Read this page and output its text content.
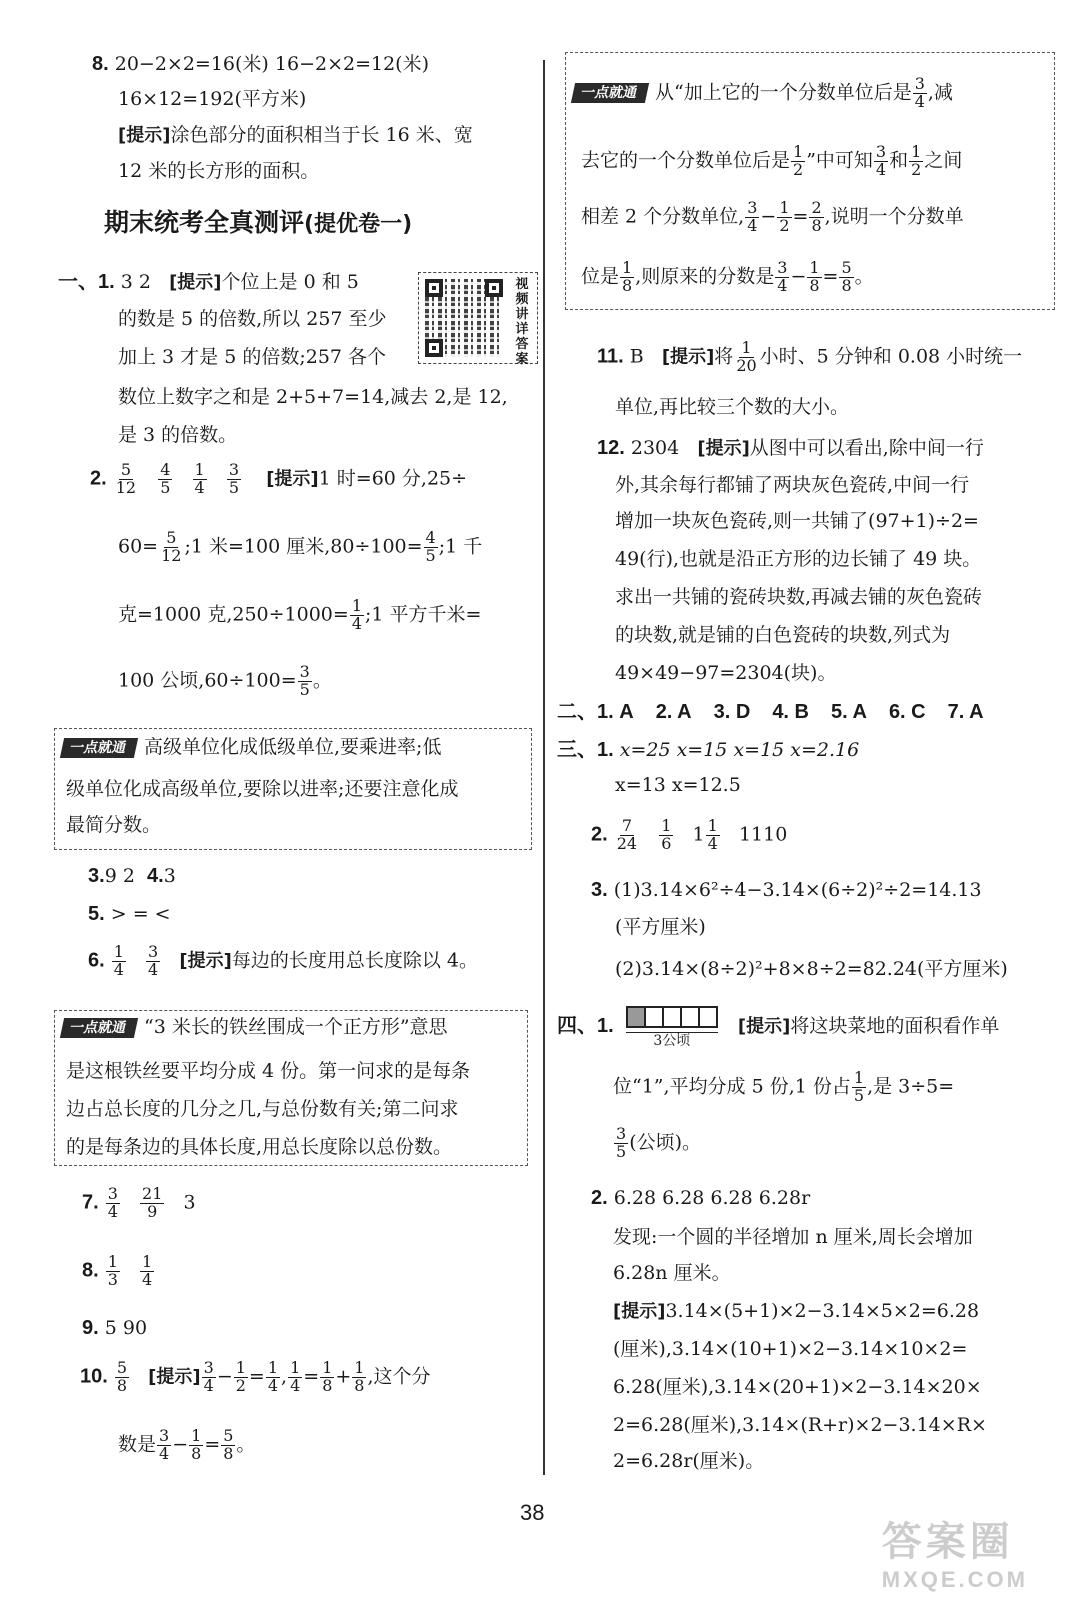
8. 20−2×2=16(米) 16−2×2=12(米)
16×12=192(平方米)
[提示]涂色部分的面积相当于长 16 米、宽
12 米的长方形的面积。
期末统考全真测评(提优卷一)
视频讲详答案
一、1. 3 2 [提示]个位上是 0 和 5
的数是 5 的倍数,所以 257 至少
加上 3 才是 5 的倍数;257 各个
数位上数字之和是 2+5+7=14,减去 2,是 12,
是 3 的倍数。
2. $\frac{5}{12}$
$\frac{4}{5}$
$\frac{1}{4}$
$\frac{3}{5}$ [提示]1 时=60 分,25÷
$60= \frac{5}{12}$ ;1 米=100 厘米$,80\div 100= \frac{4}{5}$ ;1 千
克=1000 克$,250\div 1000= \frac{1}{4}$ ;1 平方千米=
100 公顷$,60\div 100= \frac{3}{5}$ 。
一点就通 高级单位化成低级单位,要乘进率;低
级单位化成高级单位,要除以进率;还要注意化成
最简分数。
3.9 2 4.3
5. > = <
6. $\frac{1}{4}$
$\frac{3}{4}$ [提示]每边的长度用总长度除以 4。
一点就通 “3 米长的铁丝围成一个正方形”意思
是这根铁丝要平均分成 4 份。第一问求的是每条
边占总长度的几分之几,与总份数有关;第二问求
的是每条边的具体长度,用总长度除以总份数。
7. $\frac{3}{4}$
$\frac{21}{9} 3$
8. $\frac{1}{3}$
$\frac{1}{4}$
9. 5 90
10. $\frac{5}{8}$ [提示] $\frac{3}{4} - \frac{1}{2} = \frac{1}{4}$ , $\frac{1}{4} = \frac{1}{8} + \frac{1}{8}$ ,这个分
数是 $\frac{3}{4} - \frac{1}{8} = \frac{5}{8}$ 。
一点就通 从“加上它的一个分数单位后是 $\frac{3}{4}$ ,减
去它的一个分数单位后是 $\frac{1}{2}$ ”中可知 $\frac{3}{4}$ 和 $\frac{1}{2}$ 之间
相差 2 个分数单位, $\frac{3}{4} - \frac{1}{2} = \frac{2}{8}$ ,说明一个分数单
位是 $\frac{1}{8}$ ,则原来的分数是 $\frac{3}{4} - \frac{1}{8} = \frac{5}{8}$ 。
11. B [提示]将 $\frac{1}{20}$ 小时、5 分钟和 0.08 小时统一
单位,再比较三个数的大小。
12. 2304 [提示]从图中可以看出,除中间一行
外,其余每行都铺了两块灰色瓷砖,中间一行
增加一块灰色瓷砖,则一共铺了(97+1)÷2=
49(行),也就是沿正方形的边长铺了 49 块。
求出一共铺的瓷砖块数,再减去铺的灰色瓷砖
的块数,就是铺的白色瓷砖的块数,列式为
49×49−97=2304(块)。
二、1. A 2. A 3. D 4. B 5. A 6. C 7. A
三、1. x=25 x=15 x=15 x=2.16
x=13 x=12.5
2. $\frac{7}{24}$
$\frac{1}{6} 1 \frac{1}{4} 1110$
3. (1)3.14×6²÷4−3.14×(6÷2)²÷2=14.13
(平方厘米)
(2)3.14×(8÷2)²+8×8÷2=82.24(平方厘米)
四、1.
3公顷
[提示]将这块菜地的面积看作单
位“1”,平均分成 5 份,1 份占 $\frac{1}{5}$ ,是 3÷5=
$\frac{3}{5}$ (公顷)。
2. 6.28 6.28 6.28 6.28r
发现:一个圆的半径增加 n 厘米,周长会增加
6.28n 厘米。
[提示]3.14×(5+1)×2−3.14×5×2=6.28
(厘米),3.14×(10+1)×2−3.14×10×2=
6.28(厘米),3.14×(20+1)×2−3.14×20×
2=6.28(厘米),3.14×(R+r)×2−3.14×R×
2=6.28r(厘米)。
38
答案圈
MXQE.COM
